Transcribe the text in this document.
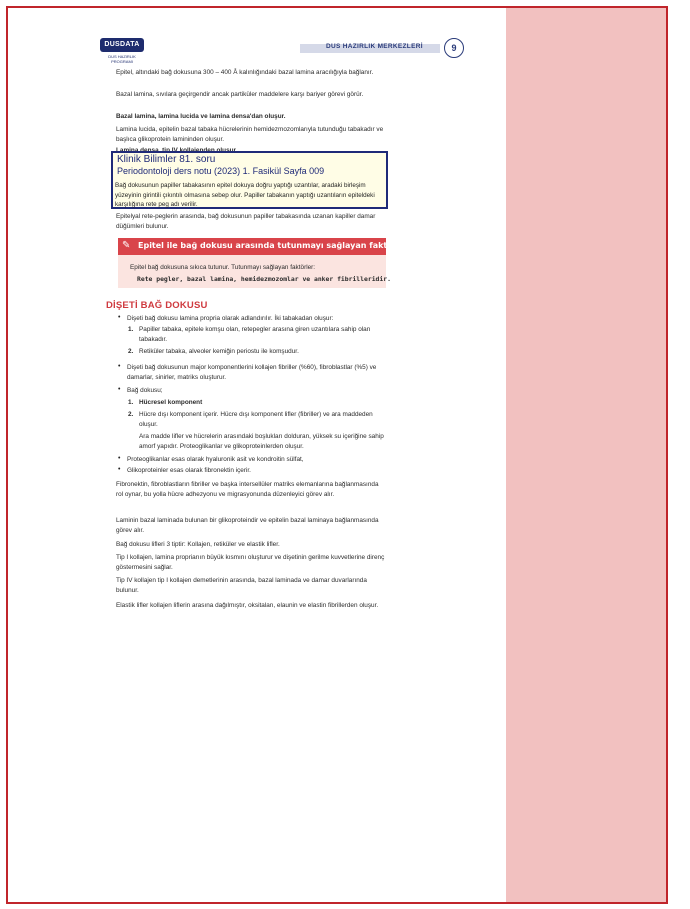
DUSDATA
DUS HAZIRLIK PROGRAMI
DUS HAZIRLIK MERKEZLERİ	9

Epitel, altındaki bağ dokusuna 300 – 400 Å kalınlığındaki bazal lamina aracılığıyla bağlanır.

Bazal lamina, sıvılara geçirgendir ancak partiküler maddelere karşı bariyer görevi görür.

Bazal lamina, lamina lucida ve lamina densa'dan oluşur.

Lamina lucida, epitelin bazal tabaka hücrelerinin hemidezmozomlarıyla tutunduğu tabakadır ve başlıca glikoprotein lamininden oluşur.

Klinik Bilimler 81. soru
Periodontoloji ders notu (2023) 1. Fasikül Sayfa 009
Bağ dokusunun papiller tabakasının epitel dokuya doğru yaptığı uzantılar, aradaki birleşim yüzeyinin girintili çıkıntılı olmasına sebep olur. Papiller tabakanın yaptığı uzantıların epiteldeki karşılığına rete peg adı verilir.

Epitelyal rete-peglerin arasında, bağ dokusunun papiller tabakasında uzanan kapiller damar düğümleri bulunur.

✎ Epitel ile bağ dokusu arasında tutunmayı sağlayan faktörler
Epitel bağ dokusuna sıkıca tutunur. Tutunmayı sağlayan faktörler:
Rete pegler, bazal lamina, hemidezmozomlar ve anker fibrilleridir.
DİŞETİ BAĞ DOKUSU
• Dişeti bağ dokusu lamina propria olarak adlandırılır. İki tabakadan oluşur:

1. Papiller tabaka, epitele komşu olan, retepegler arasına giren uzantılara sahip olan tabakadır.

2. Retiküler tabaka, alveoler kemiğin periostu ile komşudur.

• Dişeti bağ dokusunun major komponentlerini kollajen fibriller (%60), fibroblastlar (%5) ve damarlar, sinirler, matriks oluşturur.

• Bağ dokusu;

1. Hücresel komponent

2. Hücre dışı komponent içerir. Hücre dışı komponent lifler (fibriller) ve ara maddeden oluşur.

Ara madde lifler ve hücrelerin arasındaki boşlukları dolduran, yüksek su içeriğine sahip amorf yapıdır. Proteoglikanlar ve glikoproteinlerden oluşur.

• Proteoglikanlar esas olarak hyaluronik asit ve kondroitin sülfat,

• Glikoproteinler esas olarak fibronektin içerir.

Fibronektin, fibroblastların fibriller ve başka intersellüler matriks elemanlarına bağlanmasında rol oynar, bu yolla hücre adhezyonu ve migrasyonunda düzenleyici görev alır.

Laminin bazal laminada bulunan bir glikoproteindir ve epitelin bazal laminaya bağlanmasında görev alır.

Bağ dokusu lifleri 3 tiptir: Kollajen, retiküler ve elastik lifler.

Tip I kollajen, lamina propriarıın büyük kısmını oluşturur ve dişetinin gerilme kuvvetlerine direnç göstermesini sağlar.

Tip IV kollajen tip I kollajen demetlerinin arasında, bazal laminada ve damar duvarlarında bulunur.

Elastik lifler kollajen liflerin arasına dağılmıştır, oksitalan, elaunin ve elastin fibrillerden oluşur.
